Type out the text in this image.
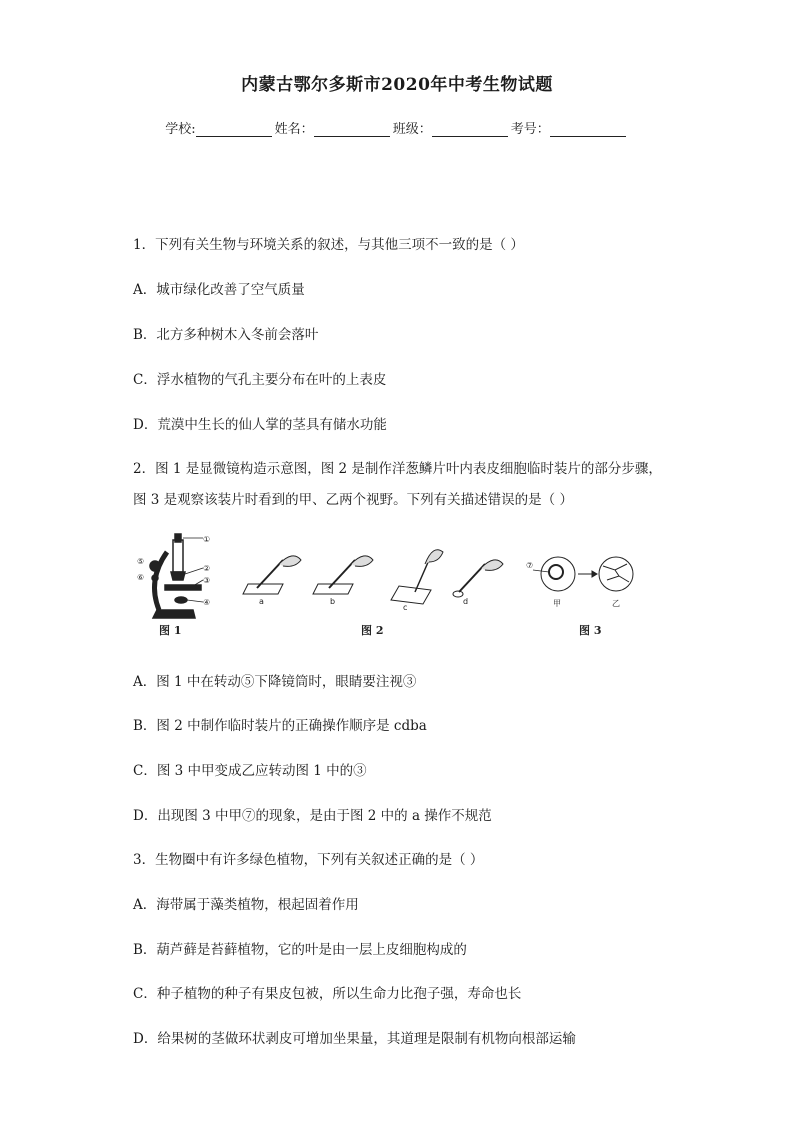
内蒙古鄂尔多斯市2020年中考生物试题
学校:	姓名：	班级：	考号：
1．下列有关生物与环境关系的叙述，与其他三项不一致的是（ ）
A．城市绿化改善了空气质量
B．北方多种树木入冬前会落叶
C．浮水植物的气孔主要分布在叶的上表皮
D．荒漠中生长的仙人掌的茎具有储水功能
2．图 1 是显微镜构造示意图，图 2 是制作洋葱鳞片叶内表皮细胞临时装片的部分步骤，
图 3 是观察该装片时看到的甲、乙两个视野。下列有关描述错误的是（ ）
①
②
③
④
⑤
⑥
图 1
a	b
c
d
图 2
⑦
甲	乙
图 3
A．图 1 中在转动⑤下降镜筒时，眼睛要注视③
B．图 2 中制作临时装片的正确操作顺序是 cdba
C．图 3 中甲变成乙应转动图 1 中的③
D．出现图 3 中甲⑦的现象，是由于图 2 中的 a 操作不规范
3．生物圈中有许多绿色植物，下列有关叙述正确的是（ ）
A．海带属于藻类植物，根起固着作用
B．葫芦藓是苔藓植物，它的叶是由一层上皮细胞构成的
C．种子植物的种子有果皮包被，所以生命力比孢子强，寿命也长
D．给果树的茎做环状剥皮可增加坐果量，其道理是限制有机物向根部运输
